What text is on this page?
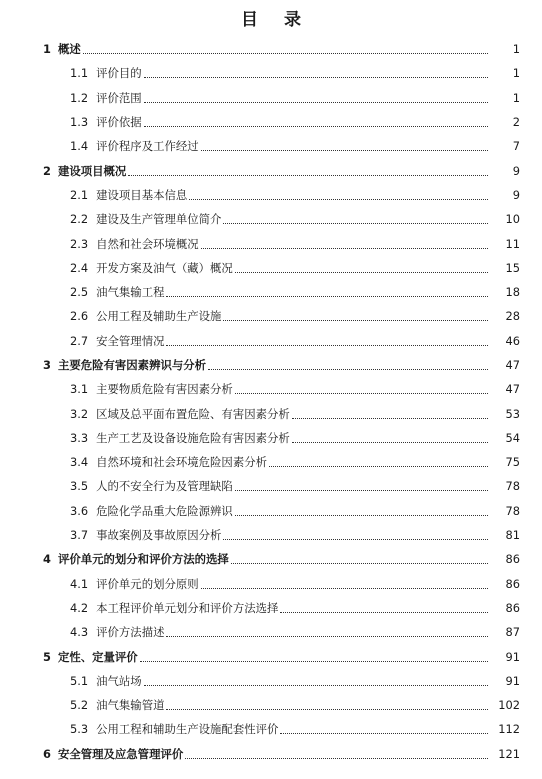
目 录
1 概述	1
1.1 评价目的	1
1.2 评价范围	1
1.3 评价依据	2
1.4 评价程序及工作经过	7
2 建设项目概况	9
2.1 建设项目基本信息	9
2.2 建设及生产管理单位简介	10
2.3 自然和社会环境概况	11
2.4 开发方案及油气（藏）概况	15
2.5 油气集输工程	18
2.6 公用工程及辅助生产设施	28
2.7 安全管理情况	46
3 主要危险有害因素辨识与分析	47
3.1 主要物质危险有害因素分析	47
3.2 区域及总平面布置危险、有害因素分析	53
3.3 生产工艺及设备设施危险有害因素分析	54
3.4 自然环境和社会环境危险因素分析	75
3.5 人的不安全行为及管理缺陷	78
3.6 危险化学品重大危险源辨识	78
3.7 事故案例及事故原因分析	81
4 评价单元的划分和评价方法的选择	86
4.1 评价单元的划分原则	86
4.2 本工程评价单元划分和评价方法选择	86
4.3 评价方法描述	87
5 定性、定量评价	91
5.1 油气站场	91
5.2 油气集输管道	102
5.3 公用工程和辅助生产设施配套性评价	112
6 安全管理及应急管理评价	121
